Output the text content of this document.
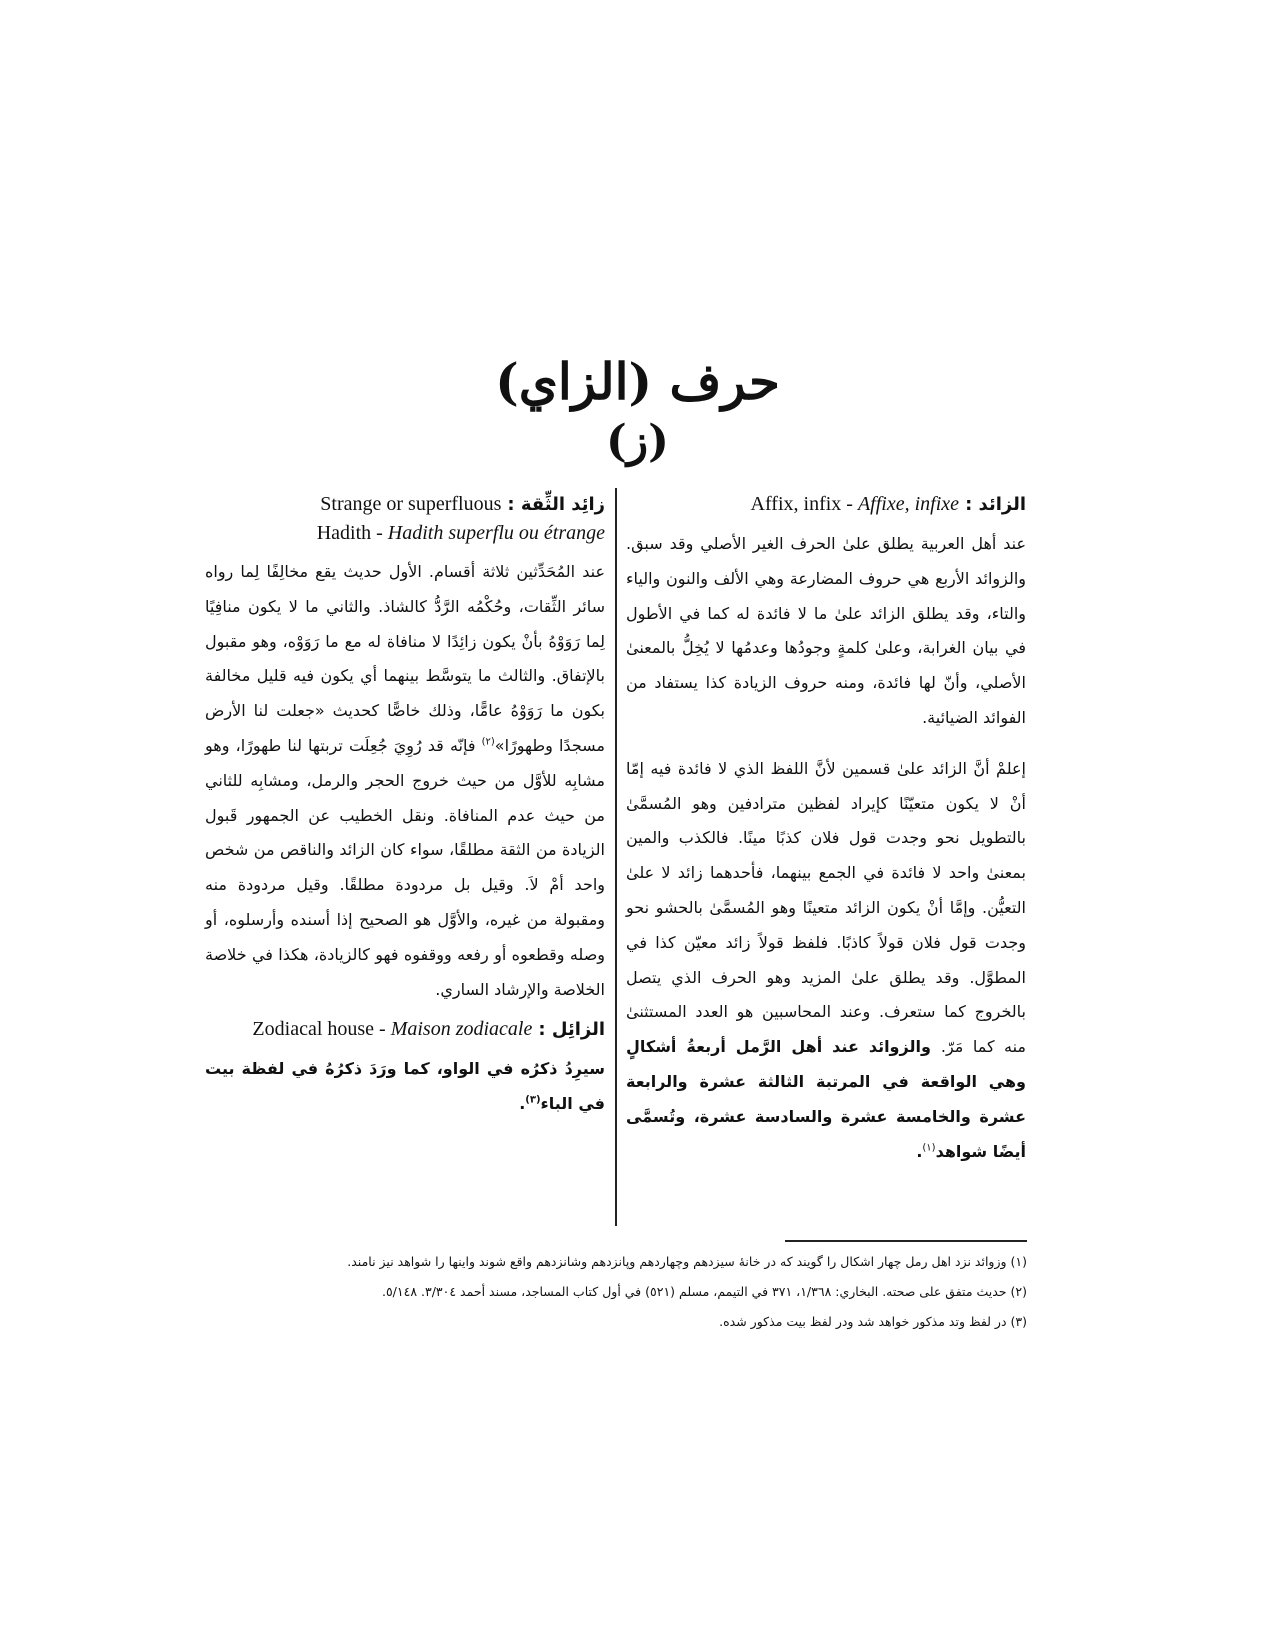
حرف (الزاي)
(ز)
الزائد : Affix, infix - Affixe, infixe

عند أهل العربية يطلق علىٰ الحرف الغير الأصلي وقد سبق. والزوائد الأربع هي حروف المضارعة وهي الألف والنون والياء والتاء، وقد يطلق الزائد علىٰ ما لا فائدة له كما في الأطول في بيان الغرابة، وعلىٰ كلمةٍ وجودُها وعدمُها لا يُخِلُّ بالمعنىٰ الأصلي، وأنّ لها فائدة، ومنه حروف الزيادة كذا يستفاد من الفوائد الضيائية.

إعلمْ أنَّ الزائد علىٰ قسمين لأنَّ اللفظ الذي لا فائدة فيه إمّا أنْ لا يكون متعيّنًا كإيراد لفظين مترادفين وهو المُسمَّىٰ بالتطويل نحو وجدت قول فلان كذبًا مينًا. فالكذب والمين بمعنىٰ واحد لا فائدة في الجمع بينهما، فأحدهما زائد لا علىٰ التعيُّن. وإمَّا أنْ يكون الزائد متعينًا وهو المُسمَّىٰ بالحشو نحو وجدت قول فلان قولاً كاذبًا. فلفظ قولاً زائد معيّن كذا في المطوَّل. وقد يطلق علىٰ المزيد وهو الحرف الذي يتصل بالخروج كما ستعرف. وعند المحاسبين هو العدد المستثنىٰ منه كما مَرّ. والزوائد عند أهل الرَّمل أربعةُ أشكالٍ وهي الواقعة في المرتبة الثالثة عشرة والرابعة عشرة والخامسة عشرة والسادسة عشرة، وتُسمَّى أيضًا شواهد$^{(١)}$.

زائِد الثِّقة : Strange or superfluous
Hadith - Hadith superflu ou étrange

عند المُحَدِّثين ثلاثة أقسام. الأول حديث يقع مخالِفًا لِما رواه سائر الثِّقات، وحُكْمُه الرَّدُّ كالشاذ. والثاني ما لا يكون منافِيًا لِما رَوَوْهُ بأنْ يكون زائِدًا لا منافاة له مع ما رَوَوْه، وهو مقبول بالإتفاق. والثالث ما يتوسَّط بينهما أي يكون فيه قليل مخالفة بكون ما رَوَوْهُ عامًّا، وذلك خاصًّا كحديث «جعلت لنا الأرض مسجدًا وطهورًا»$^{(٢)}$ فإنّه قد رُوِيَ جُعِلَت تربتها لنا طهورًا، وهو مشابِه للأوَّل من حيث خروج الحجر والرمل، ومشابِه للثاني من حيث عدم المنافاة. ونقل الخطيب عن الجمهور قَبول الزيادة من الثقة مطلقًا، سواء كان الزائد والناقص من شخص واحد أمْ لاَ. وقيل بل مردودة مطلقًا. وقيل مردودة منه ومقبولة من غيره، والأوَّل هو الصحيح إذا أسنده وأرسلوه، أو وصله وقطعوه أو رفعه ووقفوه فهو كالزيادة، هكذا في خلاصة الخلاصة والإرشاد الساري.

الزائِل : Zodiacal house - Maison zodiacale

سيرِدُ ذكرُه في الواو، كما ورَدَ ذكرُهُ في لفظة بيت في الباء$^{(٣)}$.

(١) وزوائد نزد اهل رمل چهار اشكال را گويند كه در خانۀ سيزدهم وچهاردهم وپانزدهم وشانزدهم واقع شوند واينها را شواهد نيز نامند.

(٢) حديث متفق على صحته. البخاري: ١/٣٦٨، ٣٧١ في التيمم، مسلم (٥٢١) في أول كتاب المساجد، مسند أحمد ٣/٣٠٤. ٥/١٤٨.

(٣) در لفظ وتد مذكور خواهد شد ودر لفظ بيت مذكور شده.
